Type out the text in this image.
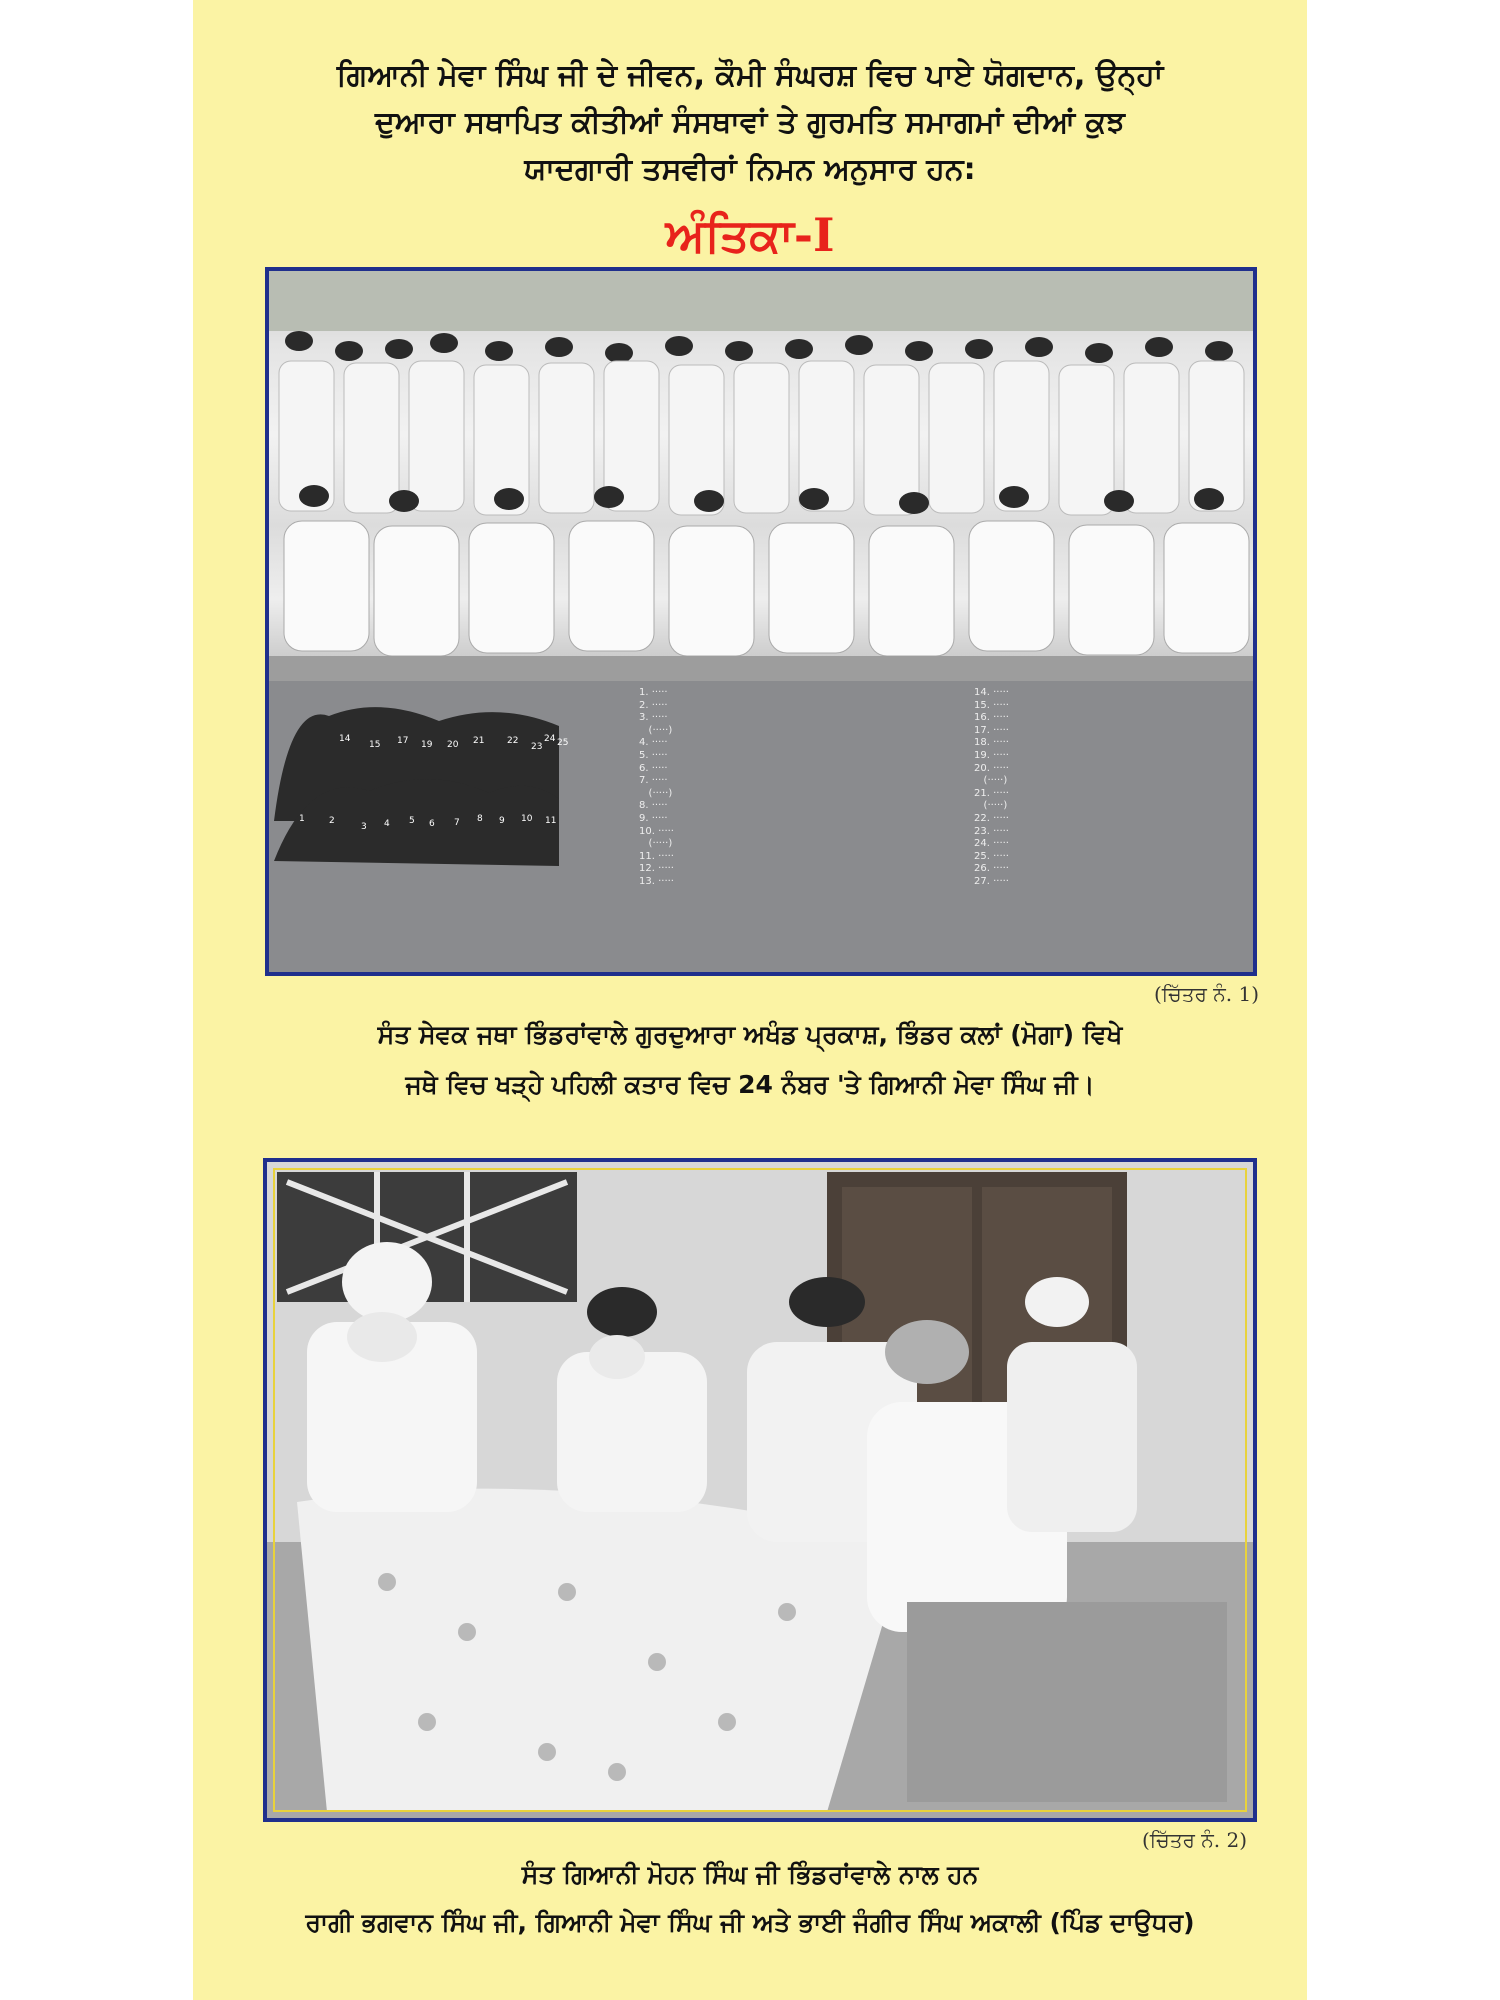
ਗਿਆਨੀ ਮੇਵਾ ਸਿੰਘ ਜੀ ਦੇ ਜੀਵਨ, ਕੌਮੀ ਸੰਘਰਸ਼ ਵਿਚ ਪਾਏ ਯੋਗਦਾਨ, ਉਨ੍ਹਾਂ
ਦੁਆਰਾ ਸਥਾਪਿਤ ਕੀਤੀਆਂ ਸੰਸਥਾਵਾਂ ਤੇ ਗੁਰਮਤਿ ਸਮਾਗਮਾਂ ਦੀਆਂ ਕੁਝ
ਯਾਦਗਾਰੀ ਤਸਵੀਰਾਂ ਨਿਮਨ ਅਨੁਸਾਰ ਹਨ:
ਅੰਤਿਕਾ-I
14
15 17 19 20 21	22
23
24 25
1	2
3 4 5 6 7 8 9 10 11
1. ·····
2. ·····
3. ·····
(·····)
4. ·····
5. ·····
6. ·····
7. ·····
(·····)
8. ·····
9. ·····
10. ·····
(·····)
11. ·····
12. ·····
13. ·····
14. ·····
15. ·····
16. ·····
17. ·····
18. ·····
19. ·····
20. ·····
(·····)
21. ·····
(·····)
22. ·····
23. ·····
24. ·····
25. ·····
26. ·····
27. ·····
(ਚਿੱਤਰ ਨੰ. 1)
ਸੰਤ ਸੇਵਕ ਜਥਾ ਭਿੰਡਰਾਂਵਾਲੇ ਗੁਰਦੁਆਰਾ ਅਖੰਡ ਪ੍ਰਕਾਸ਼, ਭਿੰਡਰ ਕਲਾਂ (ਮੋਗਾ) ਵਿਖੇ
ਜਥੇ ਵਿਚ ਖੜ੍ਹੇ ਪਹਿਲੀ ਕਤਾਰ ਵਿਚ 24 ਨੰਬਰ 'ਤੇ ਗਿਆਨੀ ਮੇਵਾ ਸਿੰਘ ਜੀ।
(ਚਿੱਤਰ ਨੰ. 2)
ਸੰਤ ਗਿਆਨੀ ਮੋਹਨ ਸਿੰਘ ਜੀ ਭਿੰਡਰਾਂਵਾਲੇ ਨਾਲ ਹਨ
ਰਾਗੀ ਭਗਵਾਨ ਸਿੰਘ ਜੀ, ਗਿਆਨੀ ਮੇਵਾ ਸਿੰਘ ਜੀ ਅਤੇ ਭਾਈ ਜੰਗੀਰ ਸਿੰਘ ਅਕਾਲੀ (ਪਿੰਡ ਦਾਉਧਰ)
